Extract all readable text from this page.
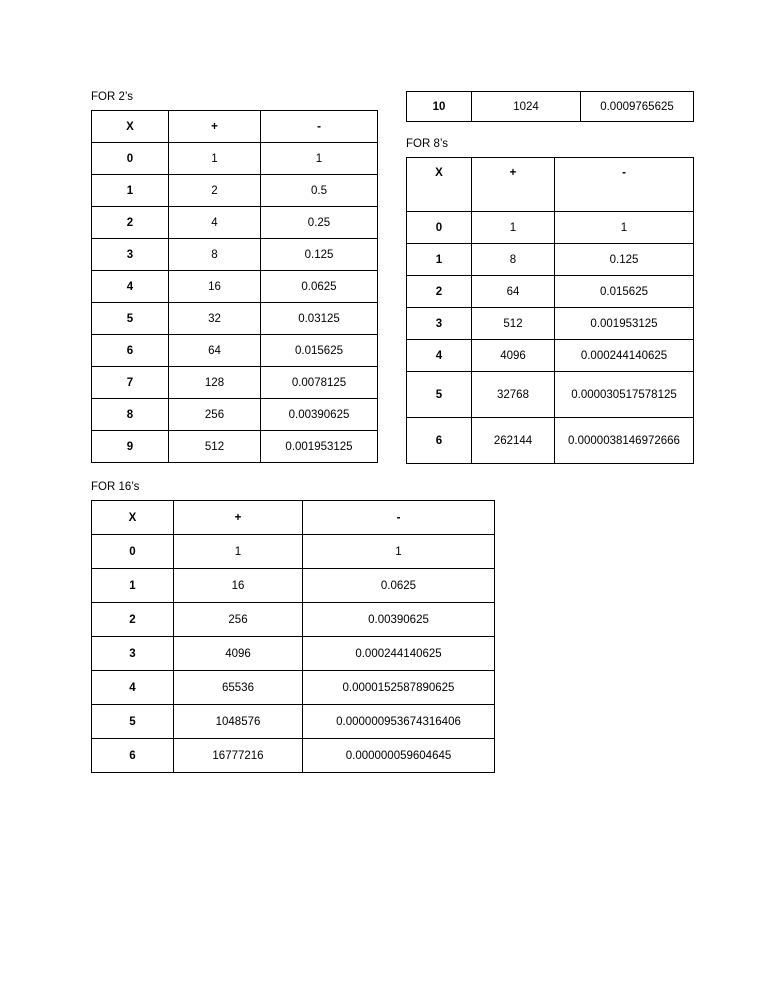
FOR 2’s
X	+	-
0	1	1
1	2	0.5
2	4	0.25
3	8	0.125
4	16	0.0625
5	32	0.03125
6	64	0.015625
7	128	0.0078125
8	256	0.00390625
9	512	0.001953125
10	1024	0.0009765625
FOR 8’s
X	+	-
0	1	1
1	8	0.125
2	64	0.015625
3	512	0.001953125
4	4096	0.000244140625
5	32768	0.000030517578125
6	262144	0.0000038146972666
FOR 16’s
X	+	-
0	1	1
1	16	0.0625
2	256	0.00390625
3	4096	0.000244140625
4	65536	0.0000152587890625
5	1048576	0.000000953674316406
6	16777216	0.000000059604645
